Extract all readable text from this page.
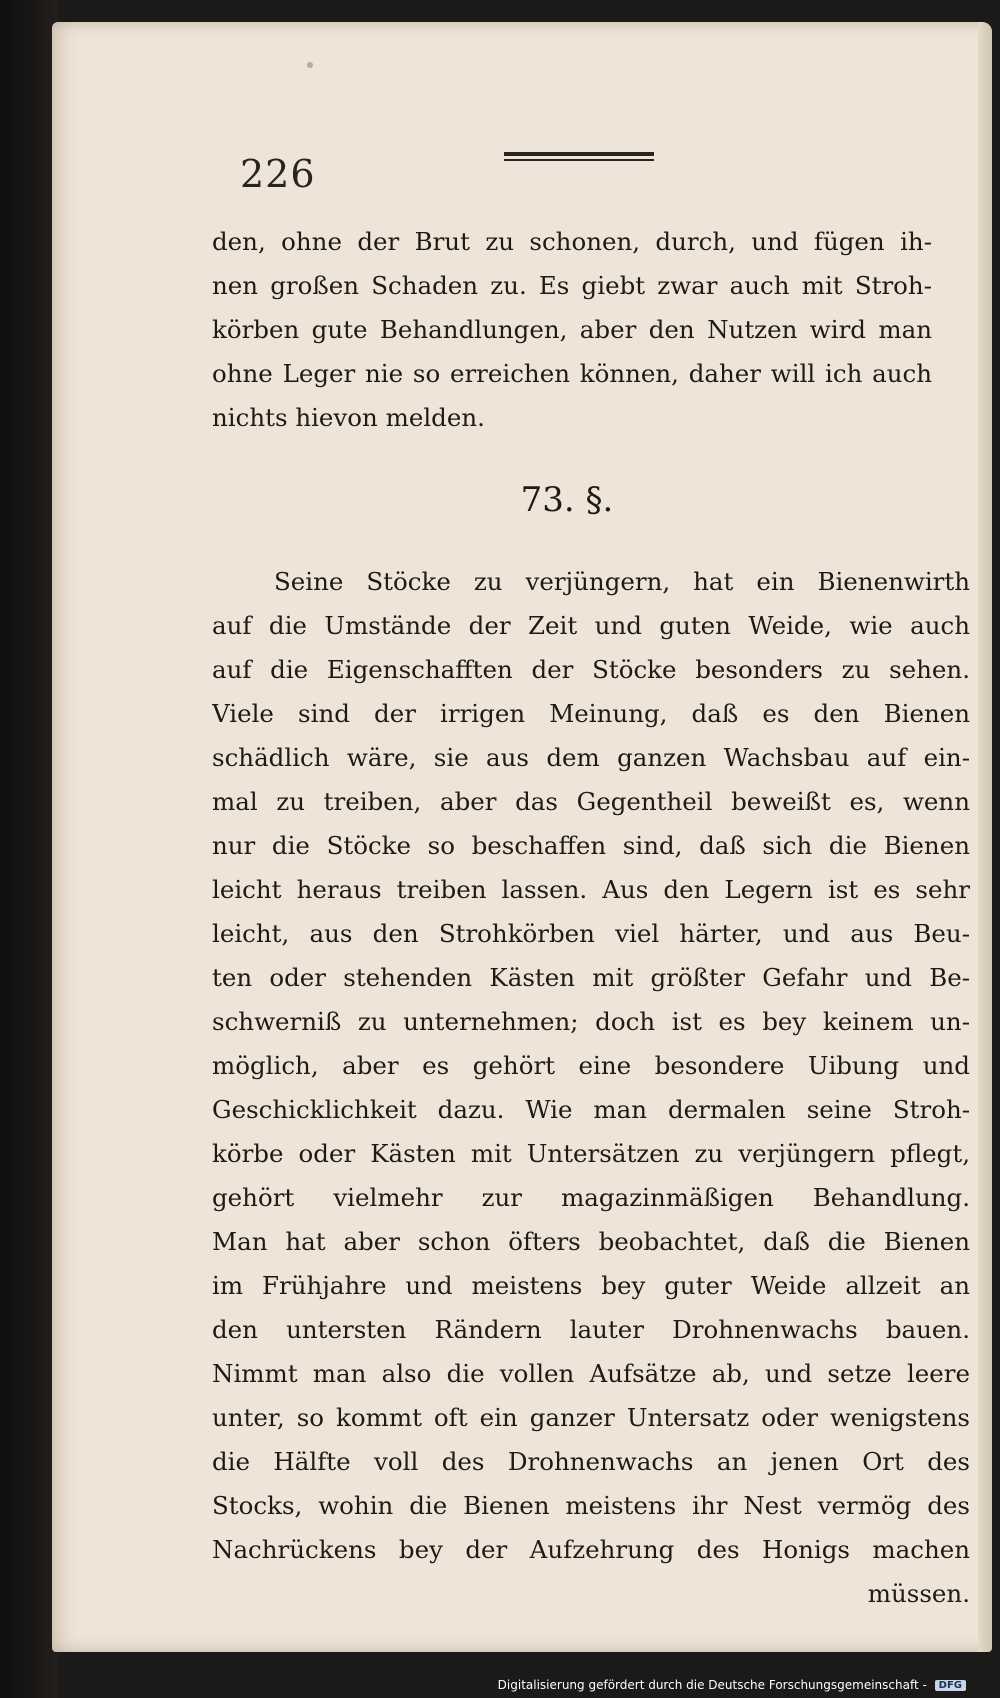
226
den, ohne der Brut zu schonen, durch, und fügen ih-
nen großen Schaden zu. Es giebt zwar auch mit Stroh-
körben gute Behandlungen, aber den Nutzen wird man
ohne Leger nie so erreichen können, daher will ich auch
nichts hievon melden.
73. §.
Seine Stöcke zu verjüngern, hat ein Bienenwirth
auf die Umstände der Zeit und guten Weide, wie auch
auf die Eigenschafften der Stöcke besonders zu sehen.
Viele sind der irrigen Meinung, daß es den Bienen
schädlich wäre, sie aus dem ganzen Wachsbau auf ein-
mal zu treiben, aber das Gegentheil beweißt es, wenn
nur die Stöcke so beschaffen sind, daß sich die Bienen
leicht heraus treiben lassen. Aus den Legern ist es sehr
leicht, aus den Strohkörben viel härter, und aus Beu-
ten oder stehenden Kästen mit größter Gefahr und Be-
schwerniß zu unternehmen; doch ist es bey keinem un-
möglich, aber es gehört eine besondere Uibung und
Geschicklichkeit dazu. Wie man dermalen seine Stroh-
körbe oder Kästen mit Untersätzen zu verjüngern pflegt,
gehört vielmehr zur magazinmäßigen Behandlung.
Man hat aber schon öfters beobachtet, daß die Bienen
im Frühjahre und meistens bey guter Weide allzeit an
den untersten Rändern lauter Drohnenwachs bauen.
Nimmt man also die vollen Aufsätze ab, und setze leere
unter, so kommt oft ein ganzer Untersatz oder wenigstens
die Hälfte voll des Drohnenwachs an jenen Ort des
Stocks, wohin die Bienen meistens ihr Nest vermög des
Nachrückens bey der Aufzehrung des Honigs machen
müssen.
Digitalisierung gefördert durch die Deutsche Forschungsgemeinschaft - DFG
